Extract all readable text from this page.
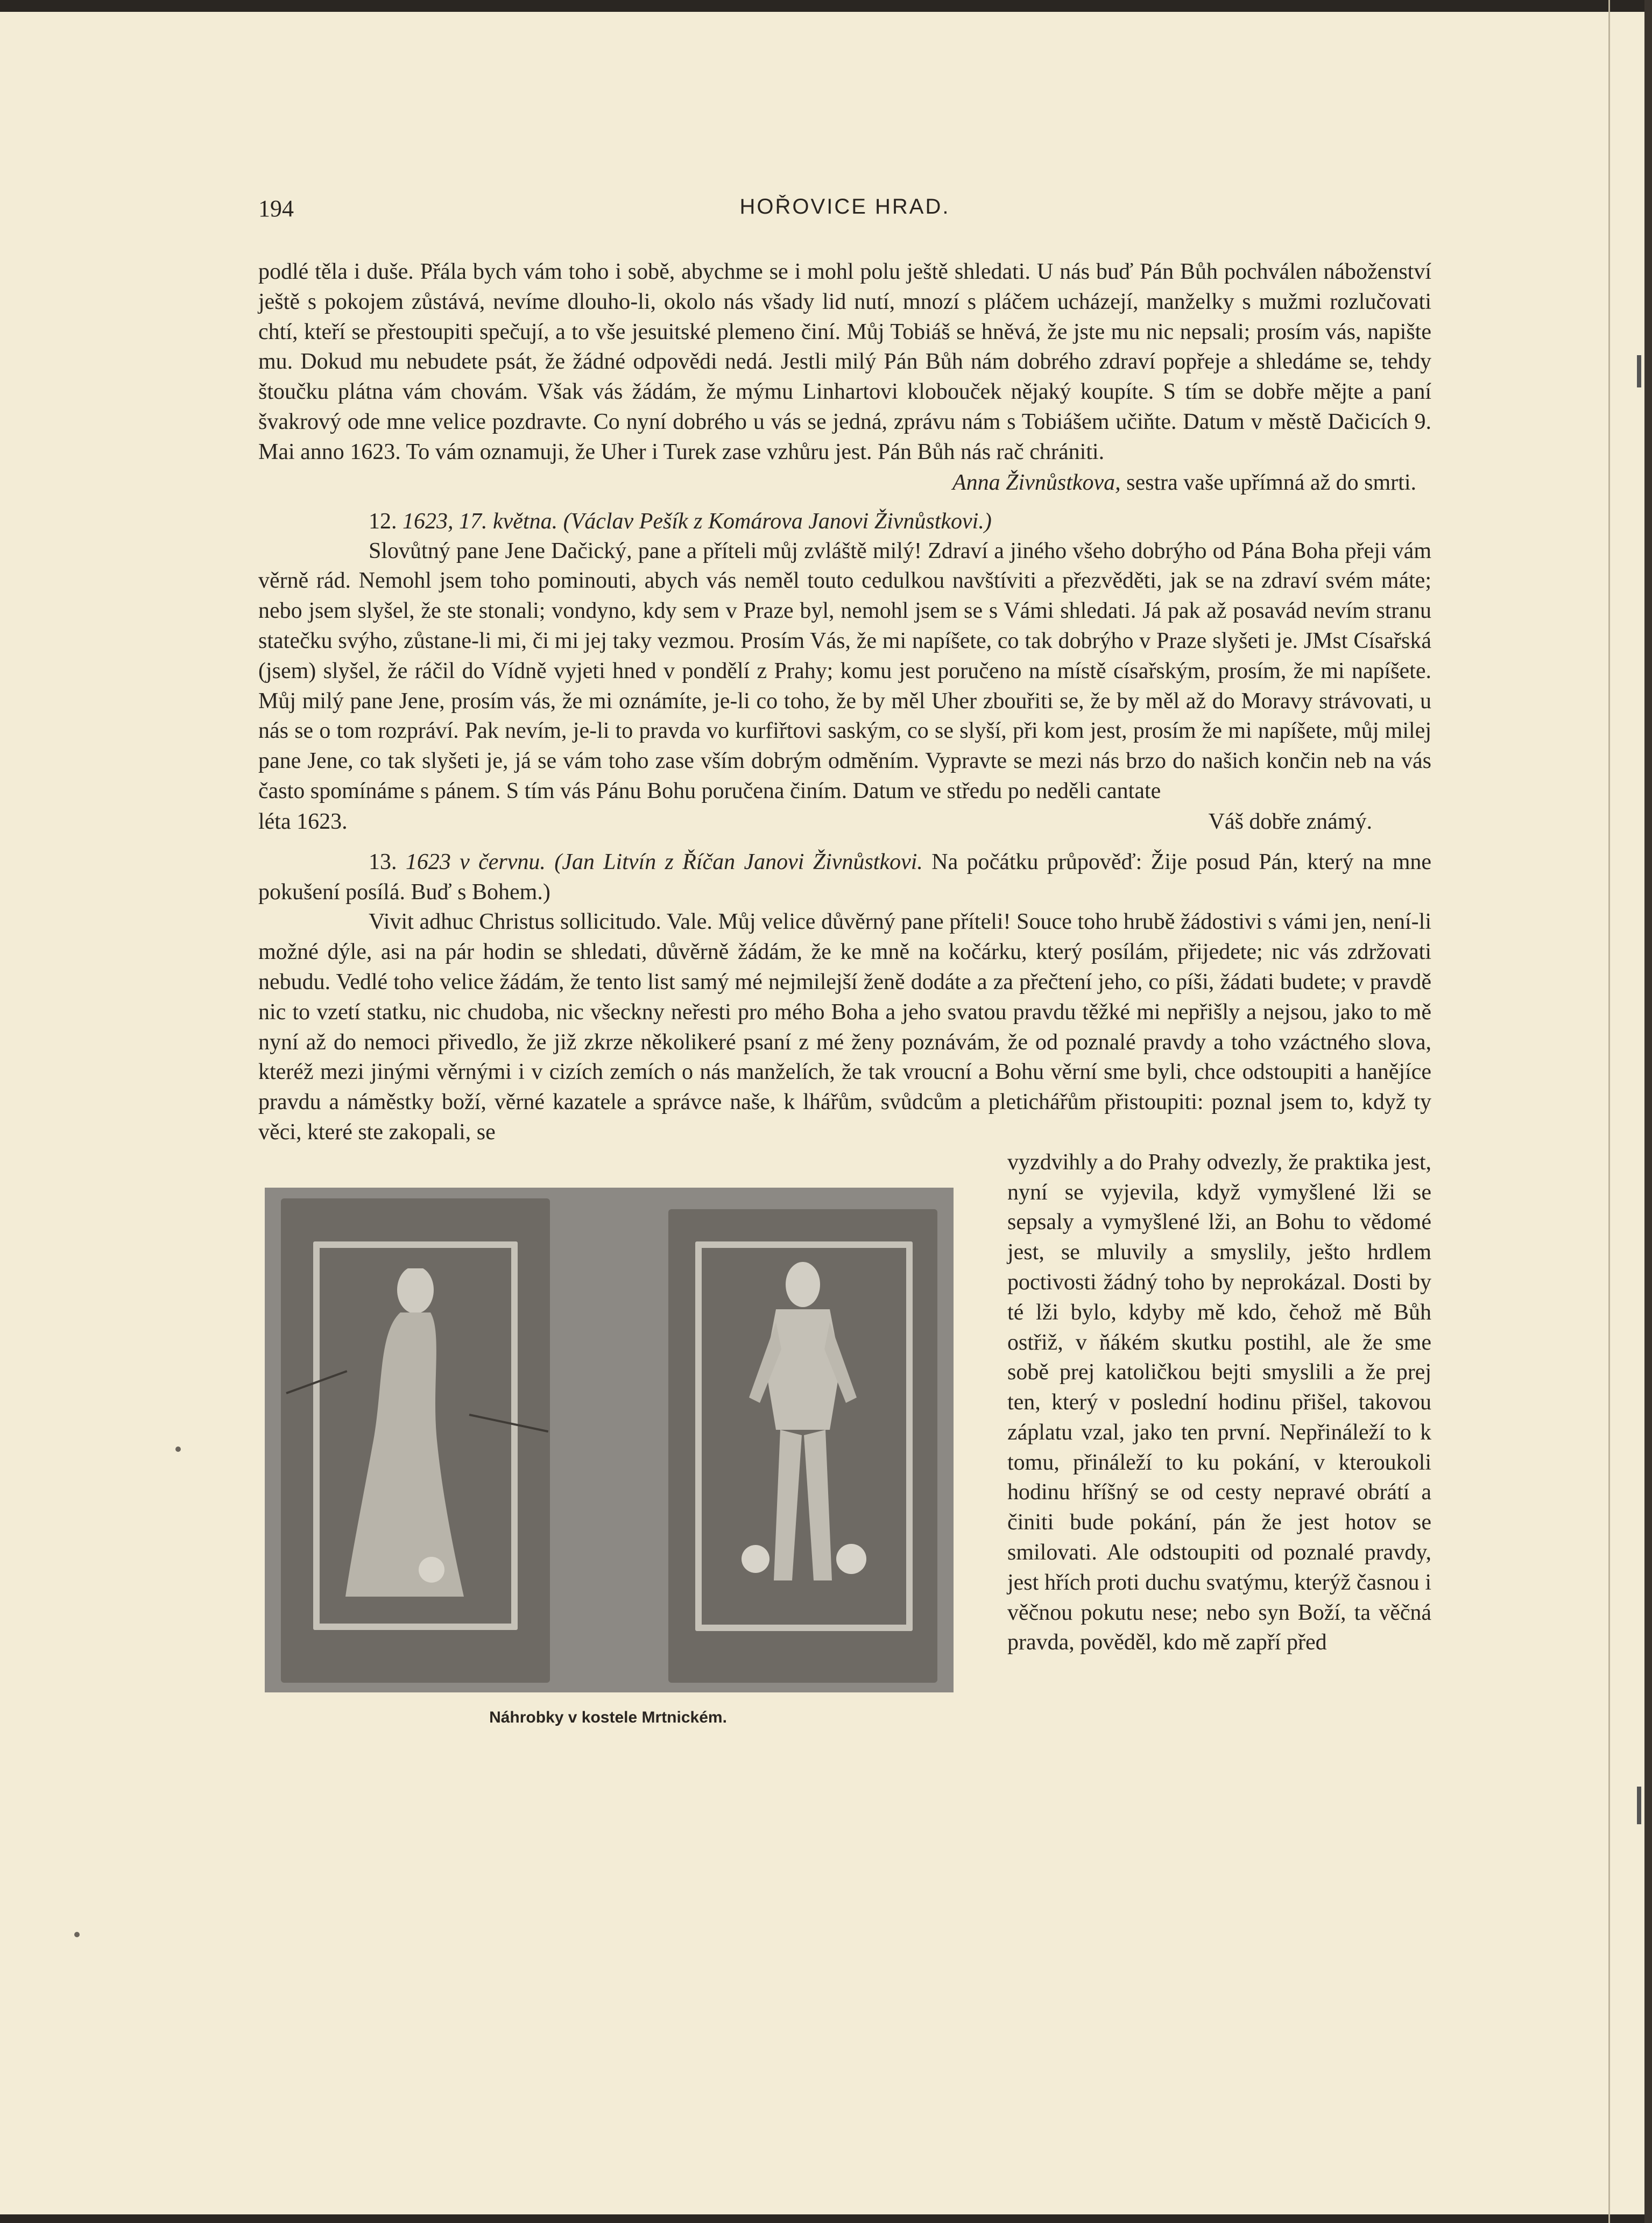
194	HOŘOVICE HRAD.

podlé těla i duše. Přála bych vám toho i sobě, abychme se i mohl polu ještě shledati. U nás buď Pán Bůh pochválen náboženství ještě s pokojem zůstává, nevíme dlouho-li, okolo nás všady lid nutí, mnozí s pláčem ucházejí, manželky s mužmi rozlučovati chtí, kteří se přestoupiti spečují, a to vše jesuitské plemeno činí. Můj Tobiáš se hněvá, že jste mu nic nepsali; prosím vás, napište mu. Dokud mu nebudete psát, že žádné odpovědi nedá. Jestli milý Pán Bůh nám dobrého zdraví popřeje a shledáme se, tehdy štoučku plátna vám chovám. Však vás žádám, že mýmu Linhartovi klobouček nějaký koupíte. S tím se dobře mějte a paní švakrový ode mne velice pozdravte. Co nyní dobrého u vás se jedná, zprávu nám s Tobiášem učiňte. Datum v městě Dačicích 9. Mai anno 1623. To vám oznamuji, že Uher i Turek zase vzhůru jest. Pán Bůh nás rač chrániti.

Anna Živnůstkova, sestra vaše upřímná až do smrti.

12. 1623, 17. května. (Václav Pešík z Komárova Janovi Živnůstkovi.)

Slovůtný pane Jene Dačický, pane a příteli můj zvláště milý! Zdraví a jiného všeho dobrýho od Pána Boha přeji vám věrně rád. Nemohl jsem toho pominouti, abych vás neměl touto cedulkou navštíviti a přezvěděti, jak se na zdraví svém máte; nebo jsem slyšel, že ste stonali; vondyno, kdy sem v Praze byl, nemohl jsem se s Vámi shledati. Já pak až posavád nevím stranu statečku svýho, zůstane-li mi, či mi jej taky vezmou. Prosím Vás, že mi napíšete, co tak dobrýho v Praze slyšeti je. JMst Císařská (jsem) slyšel, že ráčil do Vídně vyjeti hned v pondělí z Prahy; komu jest poručeno na místě císařským, prosím, že mi napíšete. Můj milý pane Jene, prosím vás, že mi oznámíte, je-li co toho, že by měl Uher zbouřiti se, že by měl až do Moravy strávovati, u nás se o tom rozpráví. Pak nevím, je-li to pravda vo kurfiřtovi saským, co se slyší, při kom jest, prosím že mi napíšete, můj milej pane Jene, co tak slyšeti je, já se vám toho zase vším dobrým odměním. Vypravte se mezi nás brzo do našich končin neb na vás často spomínáme s pánem. S tím vás Pánu Bohu poručena činím. Datum ve středu po neděli cantate

léta 1623.	Váš dobře známý.

13. 1623 v červnu. (Jan Litvín z Říčan Janovi Živnůstkovi. Na počátku průpověď: Žije posud Pán, který na mne pokušení posílá. Buď s Bohem.)

Vivit adhuc Christus sollicitudo. Vale. Můj velice důvěrný pane příteli! Souce toho hrubě žádostivi s vámi jen, není-li možné dýle, asi na pár hodin se shledati, důvěrně žádám, že ke mně na kočárku, který posílám, přijedete; nic vás zdržovati nebudu. Vedlé toho velice žádám, že tento list samý mé nejmilejší ženě dodáte a za přečtení jeho, co píši, žádati budete; v pravdě nic to vzetí statku, nic chudoba, nic všeckny neřesti pro mého Boha a jeho svatou pravdu těžké mi nepřišly a nejsou, jako to mě nyní až do nemoci přivedlo, že již zkrze několikeré psaní z mé ženy poznávám, že od poznalé pravdy a toho vzáctného slova, kteréž mezi jinými věrnými i v cizích zemích o nás manželích, že tak vroucní a Bohu věrní sme byli, chce odstoupiti a hanějíce pravdu a náměstky boží, věrné kazatele a správce naše, k lhářům, svůdcům a pletichářům přistoupiti: poznal jsem to, když ty věci, které ste zakopali, se

Náhrobky v kostele Mrtnickém.

vyzdvihly a do Prahy odvezly, že praktika jest, nyní se vyjevila, když vymyšlené lži se sepsaly a vymyšlené lži, an Bohu to vědomé jest, se mluvily a smyslily, ješto hrdlem poctivosti žádný toho by neprokázal. Dosti by té lži bylo, kdyby mě kdo, čehož mě Bůh ostřiž, v ňákém skutku postihl, ale že sme sobě prej katoličkou bejti smyslili a že prej ten, který v poslední hodinu přišel, takovou záplatu vzal, jako ten první. Nepřináleží to k tomu, přináleží to ku pokání, v kteroukoli hodinu hříšný se od cesty nepravé obrátí a činiti bude pokání, pán že jest hotov se smilovati. Ale odstoupiti od poznalé pravdy, jest hřích proti duchu svatýmu, kterýž časnou i věčnou pokutu nese; nebo syn Boží, ta věčná pravda, pověděl, kdo mě zapří před
